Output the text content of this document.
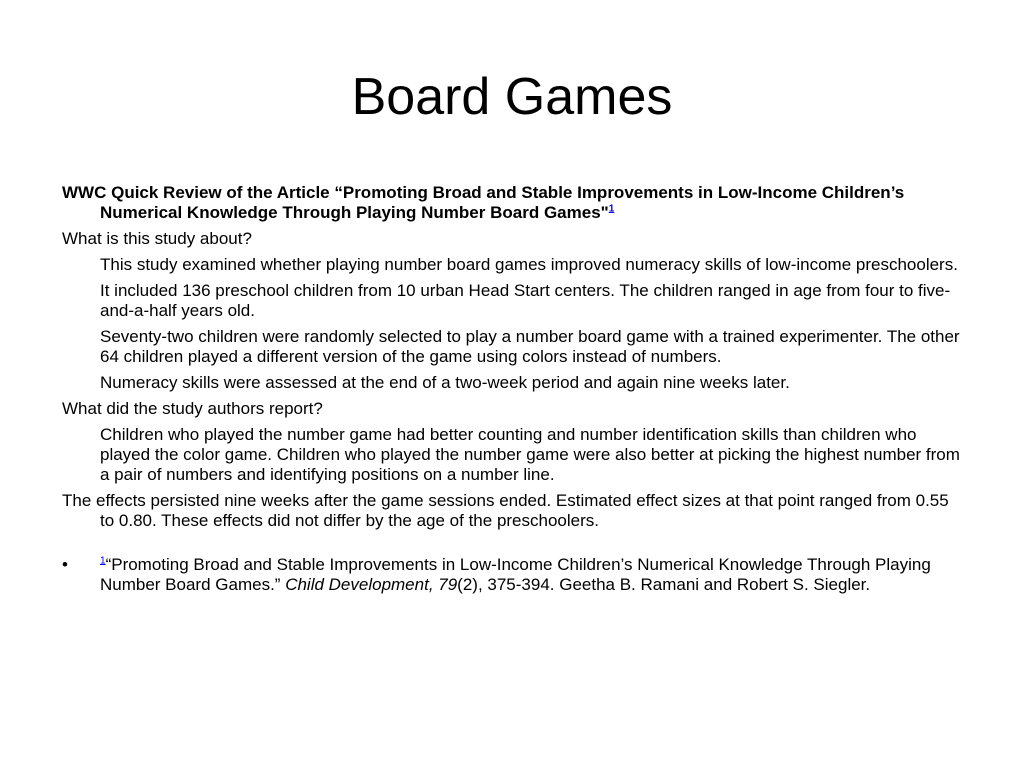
Board Games
WWC Quick Review of the Article “Promoting Broad and Stable Improvements in Low-Income Children’s Numerical Knowledge Through Playing Number Board Games"$^1$
What is this study about?
This study examined whether playing number board games improved numeracy skills of low-income preschoolers.
It included 136 preschool children from 10 urban Head Start centers. The children ranged in age from four to five-and-a-half years old.
Seventy-two children were randomly selected to play a number board game with a trained experimenter. The other 64 children played a different version of the game using colors instead of numbers.
Numeracy skills were assessed at the end of a two-week period and again nine weeks later.
What did the study authors report?
Children who played the number game had better counting and number identification skills than children who played the color game. Children who played the number game were also better at picking the highest number from a pair of numbers and identifying positions on a number line.
The effects persisted nine weeks after the game sessions ended. Estimated effect sizes at that point ranged from 0.55 to 0.80. These effects did not differ by the age of the preschoolers.
•	$^1$“Promoting Broad and Stable Improvements in Low-Income Children’s Numerical Knowledge Through Playing Number Board Games.” Child Development, 79(2), 375-394. Geetha B. Ramani and Robert S. Siegler.
